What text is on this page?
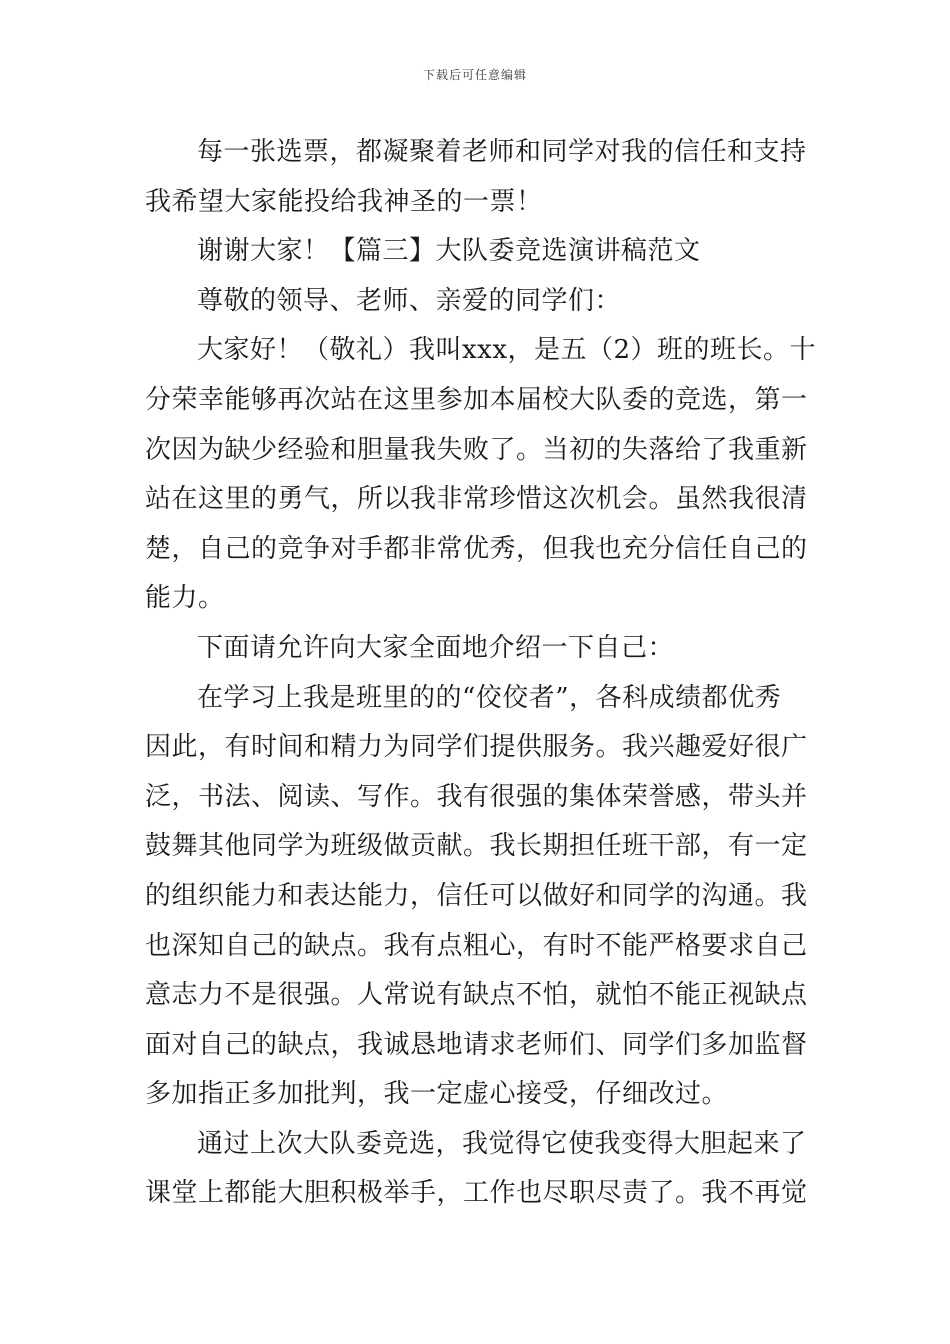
下载后可任意编辑
每一张选票，都凝聚着老师和同学对我的信任和支持
我希望大家能投给我神圣的一票！
谢谢大家！【篇三】大队委竞选演讲稿范文
尊敬的领导、老师、亲爱的同学们：
大家好！（敬礼）我叫xxx，是五（2）班的班长。十
分荣幸能够再次站在这里参加本届校大队委的竞选，第一
次因为缺少经验和胆量我失败了。当初的失落给了我重新
站在这里的勇气，所以我非常珍惜这次机会。虽然我很清
楚，自己的竞争对手都非常优秀，但我也充分信任自己的
能力。
下面请允许向大家全面地介绍一下自己：
在学习上我是班里的的“佼佼者”，各科成绩都优秀
因此，有时间和精力为同学们提供服务。我兴趣爱好很广
泛，书法、阅读、写作。我有很强的集体荣誉感，带头并
鼓舞其他同学为班级做贡献。我长期担任班干部，有一定
的组织能力和表达能力，信任可以做好和同学的沟通。我
也深知自己的缺点。我有点粗心，有时不能严格要求自己
意志力不是很强。人常说有缺点不怕，就怕不能正视缺点
面对自己的缺点，我诚恳地请求老师们、同学们多加监督
多加指正多加批判，我一定虚心接受，仔细改过。
通过上次大队委竞选，我觉得它使我变得大胆起来了
课堂上都能大胆积极举手，工作也尽职尽责了。我不再觉
